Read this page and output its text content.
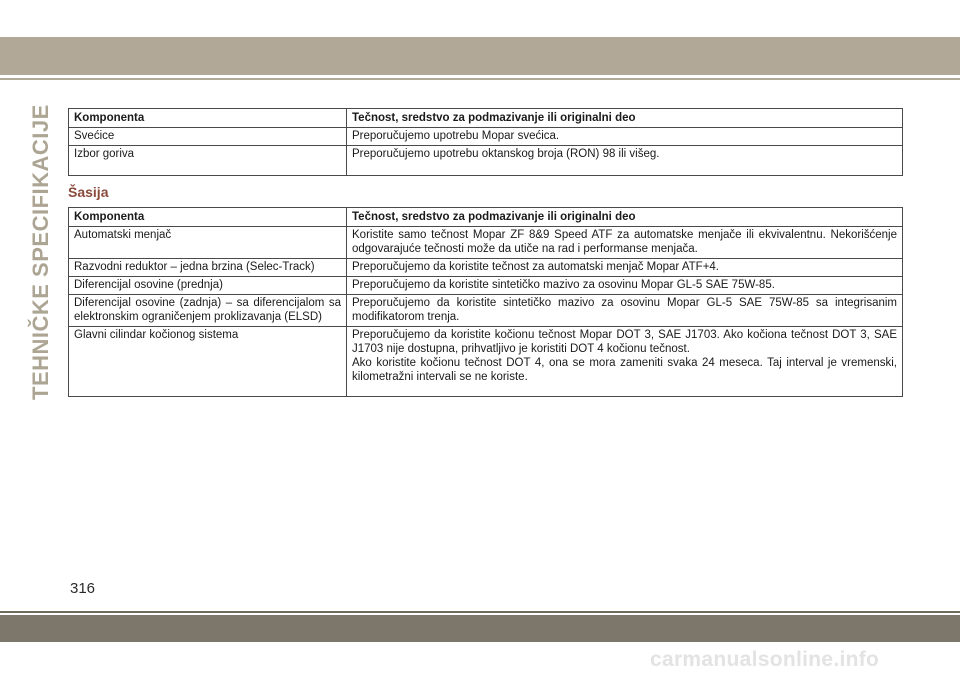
TEHNIČKE SPECIFIKACIJE Komponenta	Tečnost, sredstvo za podmazivanje ili originalni deo
Svećice	Preporučujemo upotrebu Mopar svećica.
Izbor goriva	Preporučujemo upotrebu oktanskog broja (RON) 98 ili višeg.
Šasija
Komponenta	Tečnost, sredstvo za podmazivanje ili originalni deo
Automatski menjač	Koristite samo tečnost Mopar ZF 8&9 Speed ATF za automatske menjače ili ekvivalentnu. Nekorišćenje odgovarajuće tečnosti može da utiče na rad i performanse menjača.
Razvodni reduktor – jedna brzina (Selec-Track)	Preporučujemo da koristite tečnost za automatski menjač Mopar ATF+4.
Diferencijal osovine (prednja)	Preporučujemo da koristite sintetičko mazivo za osovinu Mopar GL-5 SAE 75W-85.
Diferencijal osovine (zadnja) – sa diferencijalom sa elektronskim ograničenjem proklizavanja (ELSD)	Preporučujemo da koristite sintetičko mazivo za osovinu Mopar GL-5 SAE 75W-85 sa integrisanim modifikatorom trenja.
Glavni cilindar kočionog sistema	Preporučujemo da koristite kočionu tečnost Mopar DOT 3, SAE J1703. Ako kočiona tečnost DOT 3, SAE J1703 nije dostupna, prihvatljivo je koristiti DOT 4 kočionu tečnost.
Ako koristite kočionu tečnost DOT 4, ona se mora zameniti svaka 24 meseca. Taj interval je vremenski, kilometražni intervali se ne koriste.
316
carmanualsonline.info
